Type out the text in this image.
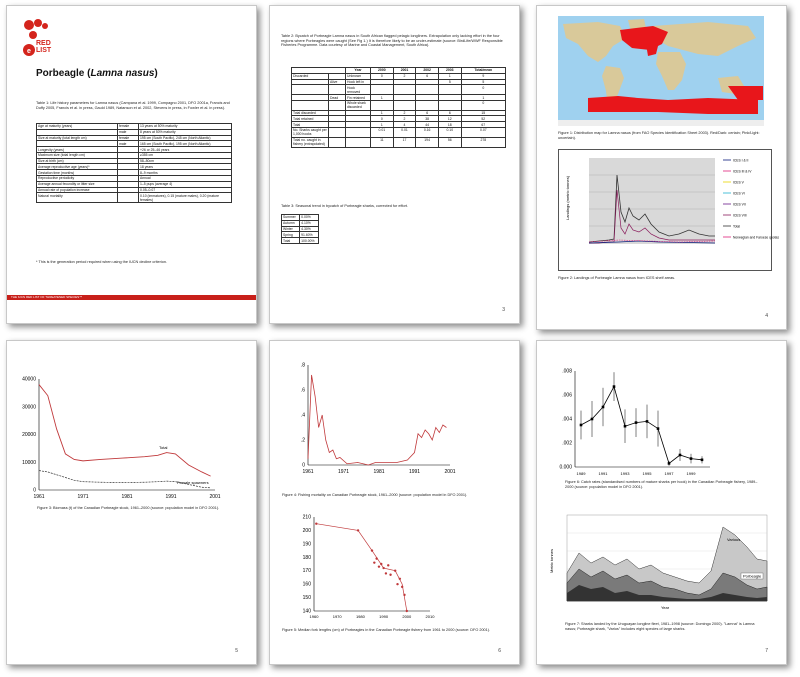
e
RED LIST
Porbeagle (Lamna nasus)
Table 1: Life history parameters for Lamna nasus (Campana et al. 1999, Compagno 2001, DFO 2001a, Francis and Duffy 2005, Francis et al. in press, Gauld 1989, Natanson et al. 2002, Stevens in press, in Fowler et al. in press).
Age at maturity (years)	female	13 years at 50% maturity
	male	8 years at 50% maturity
Size at maturity (total length cm)	female	195 cm (South Pacific), 245 cm (North Atlantic)
	male	165 cm (South Pacific), 195 cm (North Atlantic)
Longevity (years)		+26 or 25–46 years
Maximum size (total length cm)		≥355 cm
Size at birth (cm)		58–80cm
Average reproductive age (years)*		18 years
Gestation time (months)		8–9 months
Reproductive periodicity		Annual
Average annual fecundity or litter size		1–5 pups (average 4)
Annual rate of population increase		0.05–0.07
Natural mortality		0.10 (immatures), 0.15 (mature males), 0.20 (mature females)
* This is the generation period required when using the IUCN decline criterion.
THE IUCN RED LIST OF THREATENED SPECIES™
Table 2: Bycatch of Porbeagle Lamna nasus in South African flagged pelagic longliners. Extrapolation only lacking effort in the four regions where Porbeagles were caught (See Fig 1.) It is therefore likely to be an under-estimate (source: BirdLife/WWF Responsible Fisheries Programme. Data courtesy of Marine and Coastal Management, South Africa).
		Year	2000	2001	2002	2003	Total/mean
Discarded		Unknown	0	2	6	1	9
	Alive	Hook left in				5	5
		Hook removed					0
	Dead	Fin retained	1				1
		Whole shark discarded					0
Total discarded			1	2	6	6	15
Total retained			0	2	38	12	52
Total			1	4	44	18	67
No. Sharks caught per 1,000 hooks			0.01	0.01	0.16	0.10	0.07
Total no. caught in fishery (extrapolated)			11	17	194	56	278
Table 3: Seasonal trend in bycatch of Porbeagle sharks, corrected for effort.
Summer	0.00%
Autumn	4.10%
Winter	4.30%
Spring	91.60%
Total	100.00%
3
Figure 1: Distribution map for Lamna nasus (from FAO Species Identification Sheet 2003). Red/Dark: certain; Pink/Light: uncertain).
Landings (metric tonnes)
ICES I & II
ICES III & IV
ICES V
ICES VI
ICES VII
ICES VIII
Total
Norwegian and Faroese quotas
Figure 2: Landings of Porbeagle Lamna nasus from ICES shelf areas.
4
40000
30000
20000
10000
0
1961	1971	1981	1991	2001
Total
Female spawners
Figure 3: Biomass (t) of the Canadian Porbeagle stock, 1961–2000 (source: population model in DFO 2001).
5
.8
.6
.4
.2
0
1961	1971	1981	1991	2001
Figure 4: Fishing mortality on Canadian Porbeagle stock, 1961–2000 (source: population model in DFO 2001).
210
200
190
180
170
160
150
140
1960	1970	1980	1990	2000	2010
Figure 5: Median fork lengths (cm) of Porbeagles in the Canadian Porbeagle fishery from 1961 to 2000 (source: DFO 2001).
6
.008
.006
.004
.002
0.000
1989	1991	1993	1995	1997	1999
Figure 6: Catch rates (standardised numbers of mature sharks per hook) in the Canadian Porbeagle fishery, 1989–2000 (source: population model in DFO 2001).
Various
Porbeagle
Metric tonnes
Year
Figure 7: Sharks landed by the Uruguayan longline fleet, 1981–1998 (source: Domingo 2000). "Lamna" is Lamna nasus; Porbeagle shark, "Varios" includes eight species of large sharks.
7
